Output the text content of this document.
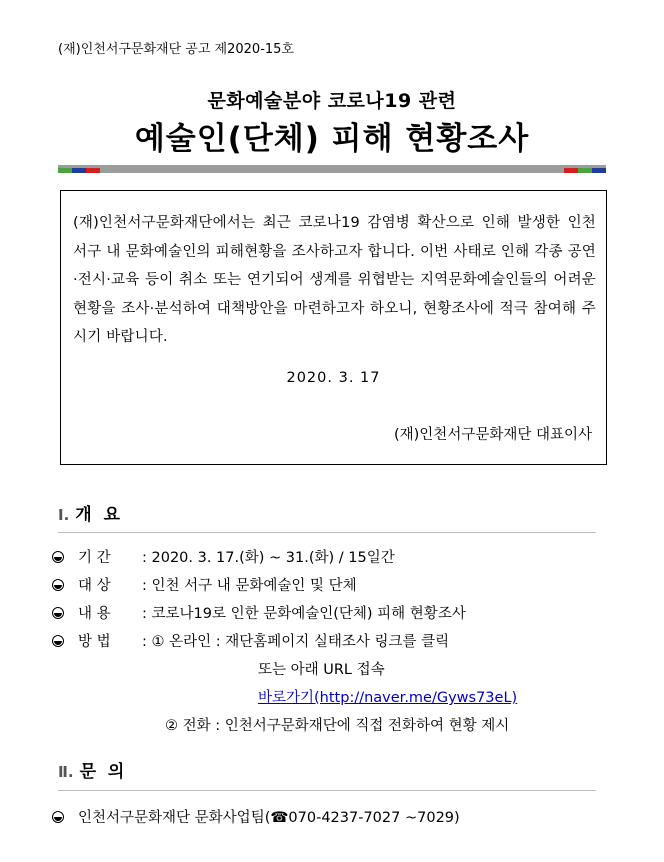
(재)인천서구문화재단 공고 제2020-15호
문화예술분야 코로나19 관련
예술인(단체) 피해 현황조사
(재)인천서구문화재단에서는 최근 코로나19 감염병 확산으로 인해 발생한 인천 서구 내 문화예술인의 피해현황을 조사하고자 합니다. 이번 사태로 인해 각종 공연·전시·교육 등이 취소 또는 연기되어 생계를 위협받는 지역문화예술인들의 어려운 현황을 조사·분석하여 대책방안을 마련하고자 하오니, 현황조사에 적극 참여해 주시기 바랍니다.
2020. 3. 17
(재)인천서구문화재단 대표이사
Ⅰ. 개 요
기 간 : 2020. 3. 17.(화) ~ 31.(화) / 15일간
대 상 : 인천 서구 내 문화예술인 및 단체
내 용 : 코로나19로 인한 문화예술인(단체) 피해 현황조사
방 법 : ① 온라인 : 재단홈페이지 실태조사 링크를 클릭
또는 아래 URL 접속
바로가기(http://naver.me/Gyws73eL)
② 전화 : 인천서구문화재단에 직접 전화하여 현황 제시
Ⅱ. 문 의
인천서구문화재단 문화사업팀(☎070-4237-7027 ~7029)
